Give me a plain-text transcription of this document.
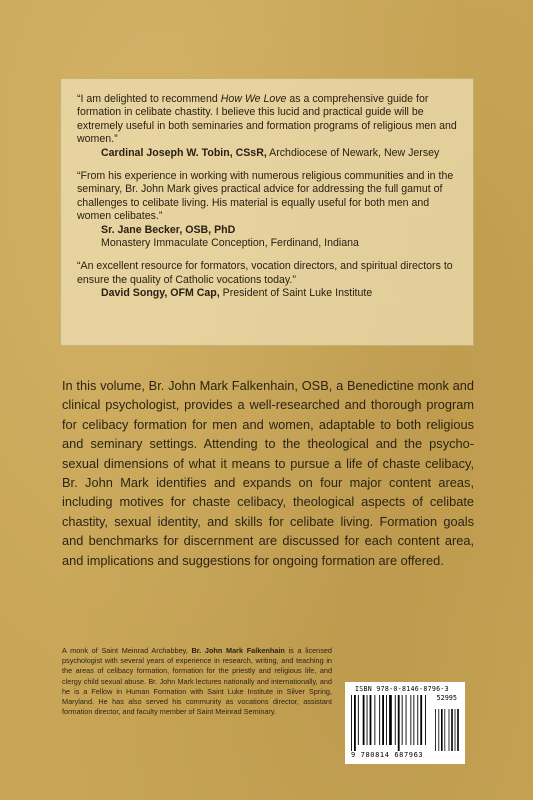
“I am delighted to recommend How We Love as a comprehensive guide for formation in celibate chastity. I believe this lucid and practical guide will be extremely useful in both seminaries and formation programs of religious men and women.”

Cardinal Joseph W. Tobin, CSsR, Archdiocese of Newark, New Jersey

“From his experience in working with numerous religious communities and in the seminary, Br. John Mark gives practical advice for addressing the full gamut of challenges to celibate living. His material is equally useful for both men and women celibates.”

Sr. Jane Becker, OSB, PhD

Monastery Immaculate Conception, Ferdinand, Indiana

“An excellent resource for formators, vocation directors, and spiritual directors to ensure the quality of Catholic vocations today.”

David Songy, OFM Cap, President of Saint Luke Institute

In this volume, Br. John Mark Falkenhain, OSB, a Benedictine monk and clinical psychologist, provides a well-researched and thorough program for celibacy formation for men and women, adaptable to both religious and seminary settings. Attending to the theological and the psycho-sexual dimensions of what it means to pursue a life of chaste celibacy, Br. John Mark identifies and expands on four major content areas, including motives for chaste celibacy, theological aspects of celibate chastity, sexual identity, and skills for celibate living. Formation goals and benchmarks for discernment are discussed for each content area, and implications and suggestions for ongoing formation are offered.

A monk of Saint Meinrad Archabbey, Br. John Mark Falkenhain is a licensed psychologist with several years of experience in research, writing, and teaching in the areas of celibacy formation, formation for the priestly and religious life, and clergy child sexual abuse. Br. John Mark lectures nationally and internationally, and he is a Fellow in Human Formation with Saint Luke Institute in Silver Spring, Maryland. He has also served his community as vocations director, assistant formation director, and faculty member of Saint Meinrad Seminary.

ISBN 978-0-8146-8796-3
52995
9 780814 687963
